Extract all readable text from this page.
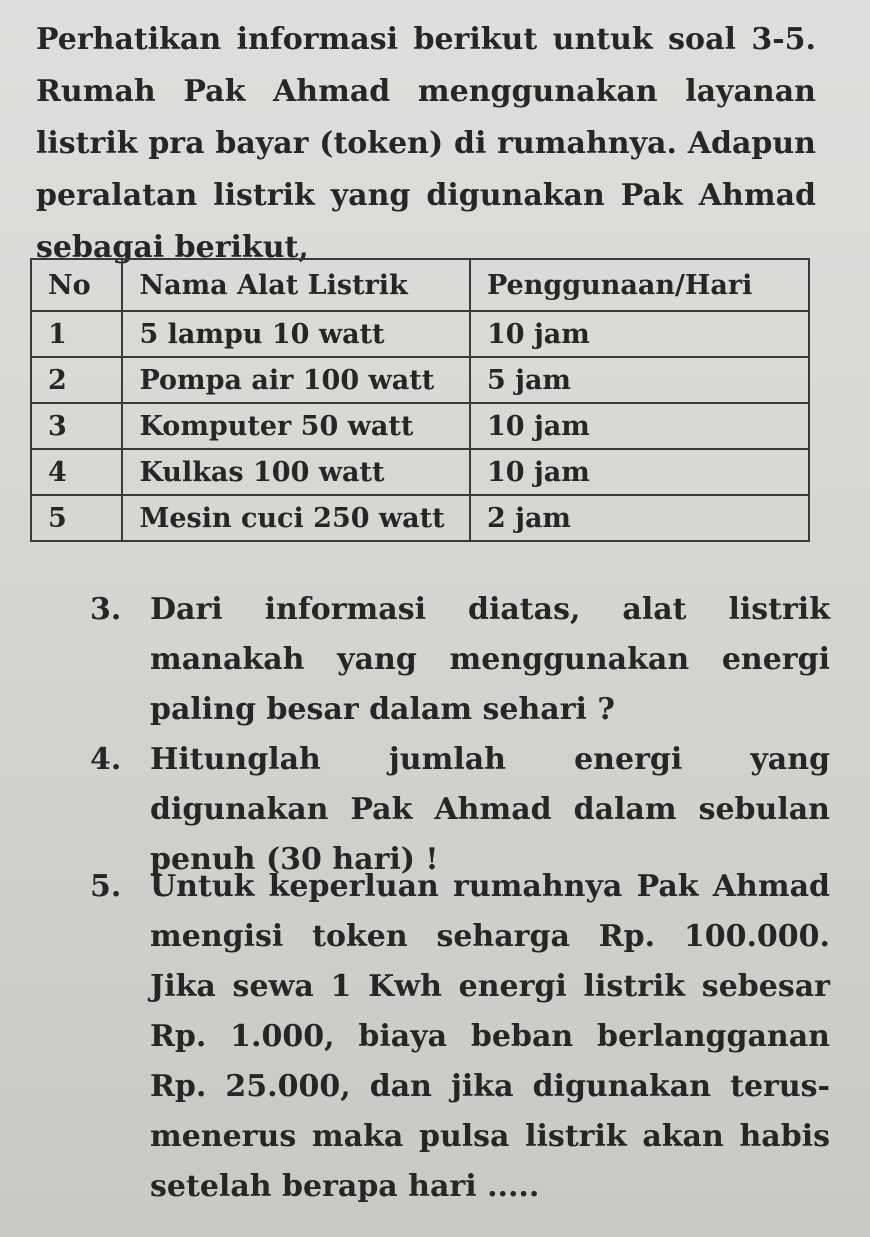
Perhatikan informasi berikut untuk soal 3-5. Rumah Pak Ahmad menggunakan layanan listrik pra bayar (token) di rumahnya. Adapun peralatan listrik yang digunakan Pak Ahmad sebagai berikut,

No	Nama Alat Listrik	Penggunaan/Hari
1	5 lampu 10 watt	10 jam
2	Pompa air 100 watt	5 jam
3	Komputer 50 watt	10 jam
4	Kulkas 100 watt	10 jam
5	Mesin cuci 250 watt	2 jam
3. Dari informasi diatas, alat listrik manakah yang menggunakan energi paling besar dalam sehari ?
4. Hitunglah jumlah energi yang digunakan Pak Ahmad dalam sebulan penuh (30 hari) !
5. Untuk keperluan rumahnya Pak Ahmad mengisi token seharga Rp. 100.000. Jika sewa 1 Kwh energi listrik sebesar Rp. 1.000, biaya beban berlangganan Rp. 25.000, dan jika digunakan terus-menerus maka pulsa listrik akan habis setelah berapa hari .....
